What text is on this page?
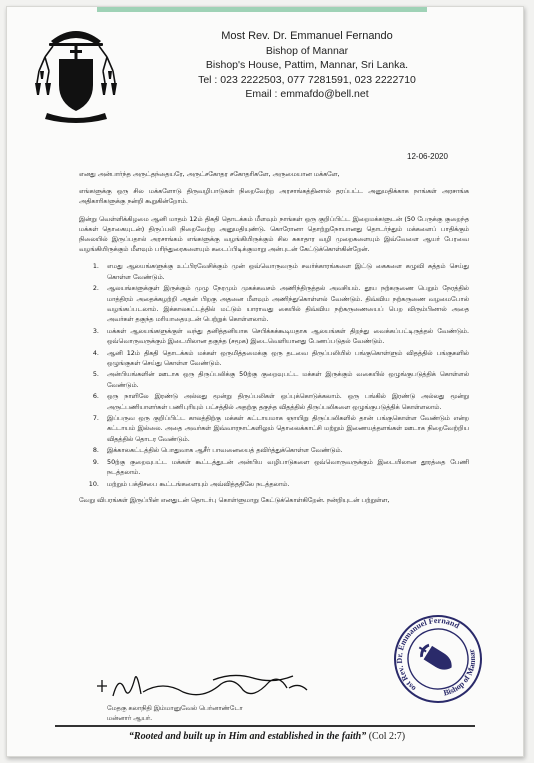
Most Rev. Dr. Emmanuel Fernando
Bishop of Mannar
Bishop's House, Pattim, Mannar, Sri Lanka.
Tel : 023 2222503, 077 7281591, 023 2222710
Email : emmafdo@bell.net
12-06-2020

எனது அன்பார்ந்த அருட்தந்தையரே, அருட்சகோதர சகோதரிகளே, அருமையான மக்களே,

எங்களுக்கு ஒரு சில மக்களோடு திருவழிபாடுகள் நிறைவேற்ற அரசாங்கத்தினால் தரப்பட்ட அனுமதிக்காக நாங்கள் அரசாங்க அதிகாரிகளுக்கு நன்றி கூறுகின்றோம்.

இன்று வெள்ளிக்கிழமை ஆனி மாதம் 12ம் திகதி தொடக்கம் மீளவும் நாங்கள் ஒரு குறிப்பிட்ட இறைமக்களுடன் (50 பேருக்கு குறைந்த மக்கள் தொகையுடன்) திருப்பலி நிறைவேற்ற அனுமதியுண்டு. கொரோனா தொற்றுநோயானது தொடர்ந்தும் மக்களைப் பாதிக்கும் நிலையில் இருப்பதால் அரசாங்கம் எங்களுக்கு வழங்கியிருக்கும் சில சுகாதார வழி முறைகளையும் இவ்வேளை ஆயர் பேரவை வழங்கியிருக்கும் மீளவும் பரிந்துரைகளையும் கடைப்பிடிக்குமாறு அன்புடன் கேட்டுக்கொள்கின்றேன்.

1. எமது ஆலயங்களுக்கு உட்பிரவேசிக்கும் முன் ஒவ்வொருவரும் சவர்க்காரங்களை இட்டு கைகளை கழுவி சுத்தம் செய்து கொள்ள வேண்டும்.
2. ஆலயங்களுக்குள் இருக்கும் முழு நேரமும் முகக்கவசம் அணிந்திருத்தல் அவசியம். தூய நற்கருணை பெறும் நேரத்தில் மாத்திரம் அதைக்கழற்றி அதன் பிறகு அதனை மீளவும் அணிந்துகொள்ளல் வேண்டும். திவ்விய நற்கருணை வழமைபோல் வழங்கப்படலாம். இக்காலகட்டத்தில் மட்டும் யாராவது கையில் திவ்விய நற்கருணையைப் பெற விரும்பினால் அதை அவர்கள் தகுந்த மரியாதையுடன் பெற்றுக் கொள்ளலாம்.
3. மக்கள் ஆலயங்களுக்குள் வந்து தனித்தனியாக செபிக்கக்கூடியதாக ஆலயங்கள் திறந்து வைக்கப்பட்டிருத்தல் வேண்டும். ஒவ்வொருவருக்கும் இடையிலான தகுந்த (சமூக) இடைவெளியானது பேணப்படுதல் வேண்டும்.
4. ஆனி 12ம் திகதி தொடக்கம் மக்கள் ஒருமித்தமைக்கு ஒரு தடவை திருப்பலியில் பங்குகொள்ளும் விதத்தில் பங்குகளில் ஒழுங்குகள் செய்து கொள்ள வேண்டும்.
5. அன்பியங்களின் ஊடாக ஒரு திருப்பலிக்கு 50ற்கு குறைவுபட்ட மக்கள் இருக்கும் வகையில் ஒழுங்குபடுத்திக் கொள்ளல் வேண்டும்.
6. ஒரு நாளிலே இரண்டு அல்லது மூன்று திருப்பலிகள் ஒப்புக்கொடுக்கலாம். ஒரு பங்கில் இரண்டு அல்லது மூன்று அருட்பணியாளர்கள் பணிபுரியும் பட்சத்தில் அதற்கு தகுந்த விதத்தில் திருப்பலிகளை ஒழுங்குபடுத்திக் கொள்ளலாம்.
7. இப்பருவ ஒரு குறிப்பிட்ட காலத்திற்கு மக்கள் கட்டாயமாக ஞாயிறு திருப்பலிகளில் தான் பங்குகொள்ள வேண்டும் என்ற கட்டாயம் இல்லை. அதை அவர்கள் இவ்வாரநாட்களிலும் தொலைக்காட்சி மற்றும் இணையத்தளங்கள் ஊடாக நிறைவேற்றிய விதத்தில் தொடர வேண்டும்.
8. இக்காலகட்டத்தில் பொதுவாக ஆசீர் பாவனையைத் தவிர்த்துக்கொள்ள வேண்டும்.
9. 50ற்கு குறைவுபட்ட மக்கள் கூட்டத்துடன் அன்பிய வழிபாடுகளை ஒவ்வொருவருக்கும் இடையிலான தூரத்தை பேணி நடத்தலாம்.
10. மற்றும் பக்திசபை கூட்டங்களையும் அவ்வித்ததிலே நடத்தலாம்.

வேறு விபரங்கள் இருப்பின் எனதுடன் தொடர்பு கொள்ளுமாறு கேட்டுக்கொள்கிறேன். நன்றியுடன் பற்றுள்ள,

மேதகு கலாநிதி இம்மானுவேல் பெர்னாண்டோ
மன்னார் ஆயர்.
Most Rev. Dr. Emmanuel Fernando
Bishop of Mannar
“Rooted and built up in Him and established in the faith” (Col 2:7)
